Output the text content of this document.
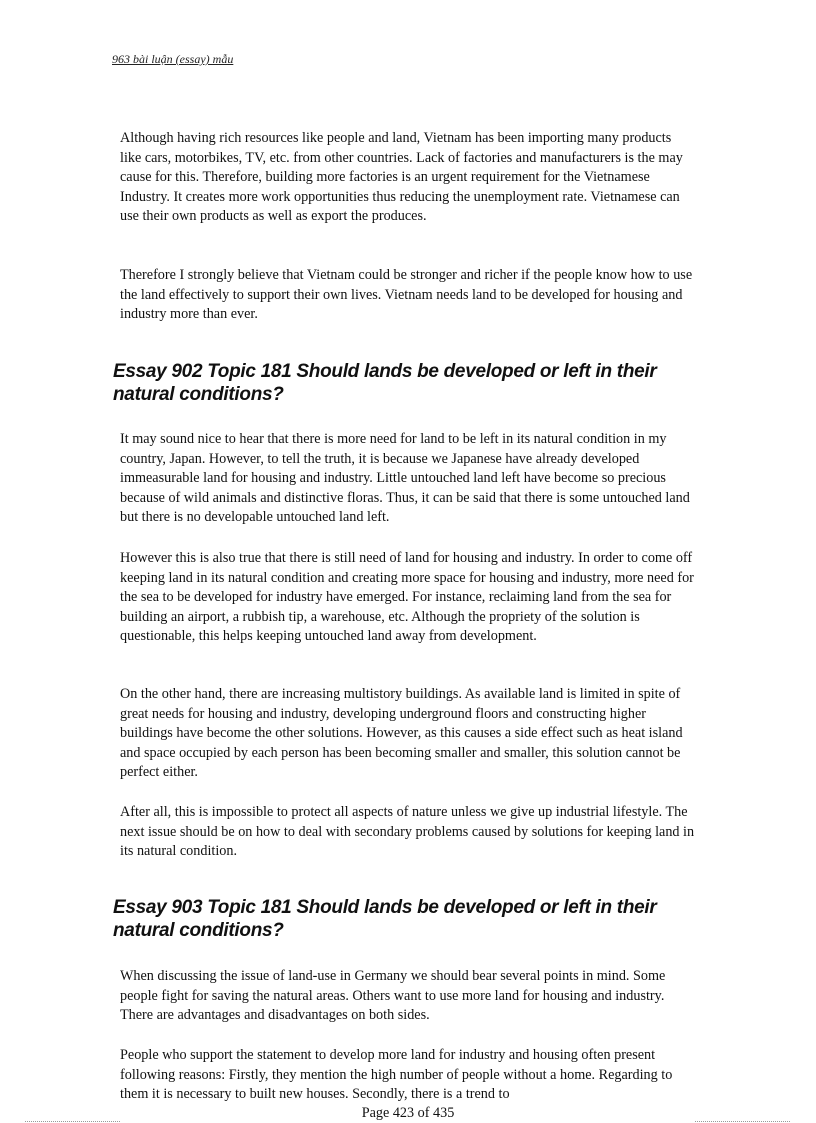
963 bài luận (essay) mẫu

Although having rich resources like people and land, Vietnam has been importing many products like cars, motorbikes, TV, etc. from other countries. Lack of factories and manufacturers is the may cause for this. Therefore, building more factories is an urgent requirement for the Vietnamese Industry. It creates more work opportunities thus reducing the unemployment rate. Vietnamese can use their own products as well as export the produces.

Therefore I strongly believe that Vietnam could be stronger and richer if the people know how to use the land effectively to support their own lives. Vietnam needs land to be developed for housing and industry more than ever.

Essay 902 Topic 181 Should lands be developed or left in their natural conditions?

It may sound nice to hear that there is more need for land to be left in its natural condition in my country, Japan. However, to tell the truth, it is because we Japanese have already developed immeasurable land for housing and industry. Little untouched land left have become so precious because of wild animals and distinctive floras. Thus, it can be said that there is some untouched land but there is no developable untouched land left.

However this is also true that there is still need of land for housing and industry. In order to come off keeping land in its natural condition and creating more space for housing and industry, more need for the sea to be developed for industry have emerged. For instance, reclaiming land from the sea for building an airport, a rubbish tip, a warehouse, etc. Although the propriety of the solution is questionable, this helps keeping untouched land away from development.

On the other hand, there are increasing multistory buildings. As available land is limited in spite of great needs for housing and industry, developing underground floors and constructing higher buildings have become the other solutions. However, as this causes a side effect such as heat island and space occupied by each person has been becoming smaller and smaller, this solution cannot be perfect either.

After all, this is impossible to protect all aspects of nature unless we give up industrial lifestyle. The next issue should be on how to deal with secondary problems caused by solutions for keeping land in its natural condition.

Essay 903 Topic 181 Should lands be developed or left in their natural conditions?

When discussing the issue of land-use in Germany we should bear several points in mind. Some people fight for saving the natural areas. Others want to use more land for housing and industry. There are advantages and disadvantages on both sides.

People who support the statement to develop more land for industry and housing often present following reasons: Firstly, they mention the high number of people without a home. Regarding to them it is necessary to built new houses. Secondly, there is a trend to

Page 423 of 435
